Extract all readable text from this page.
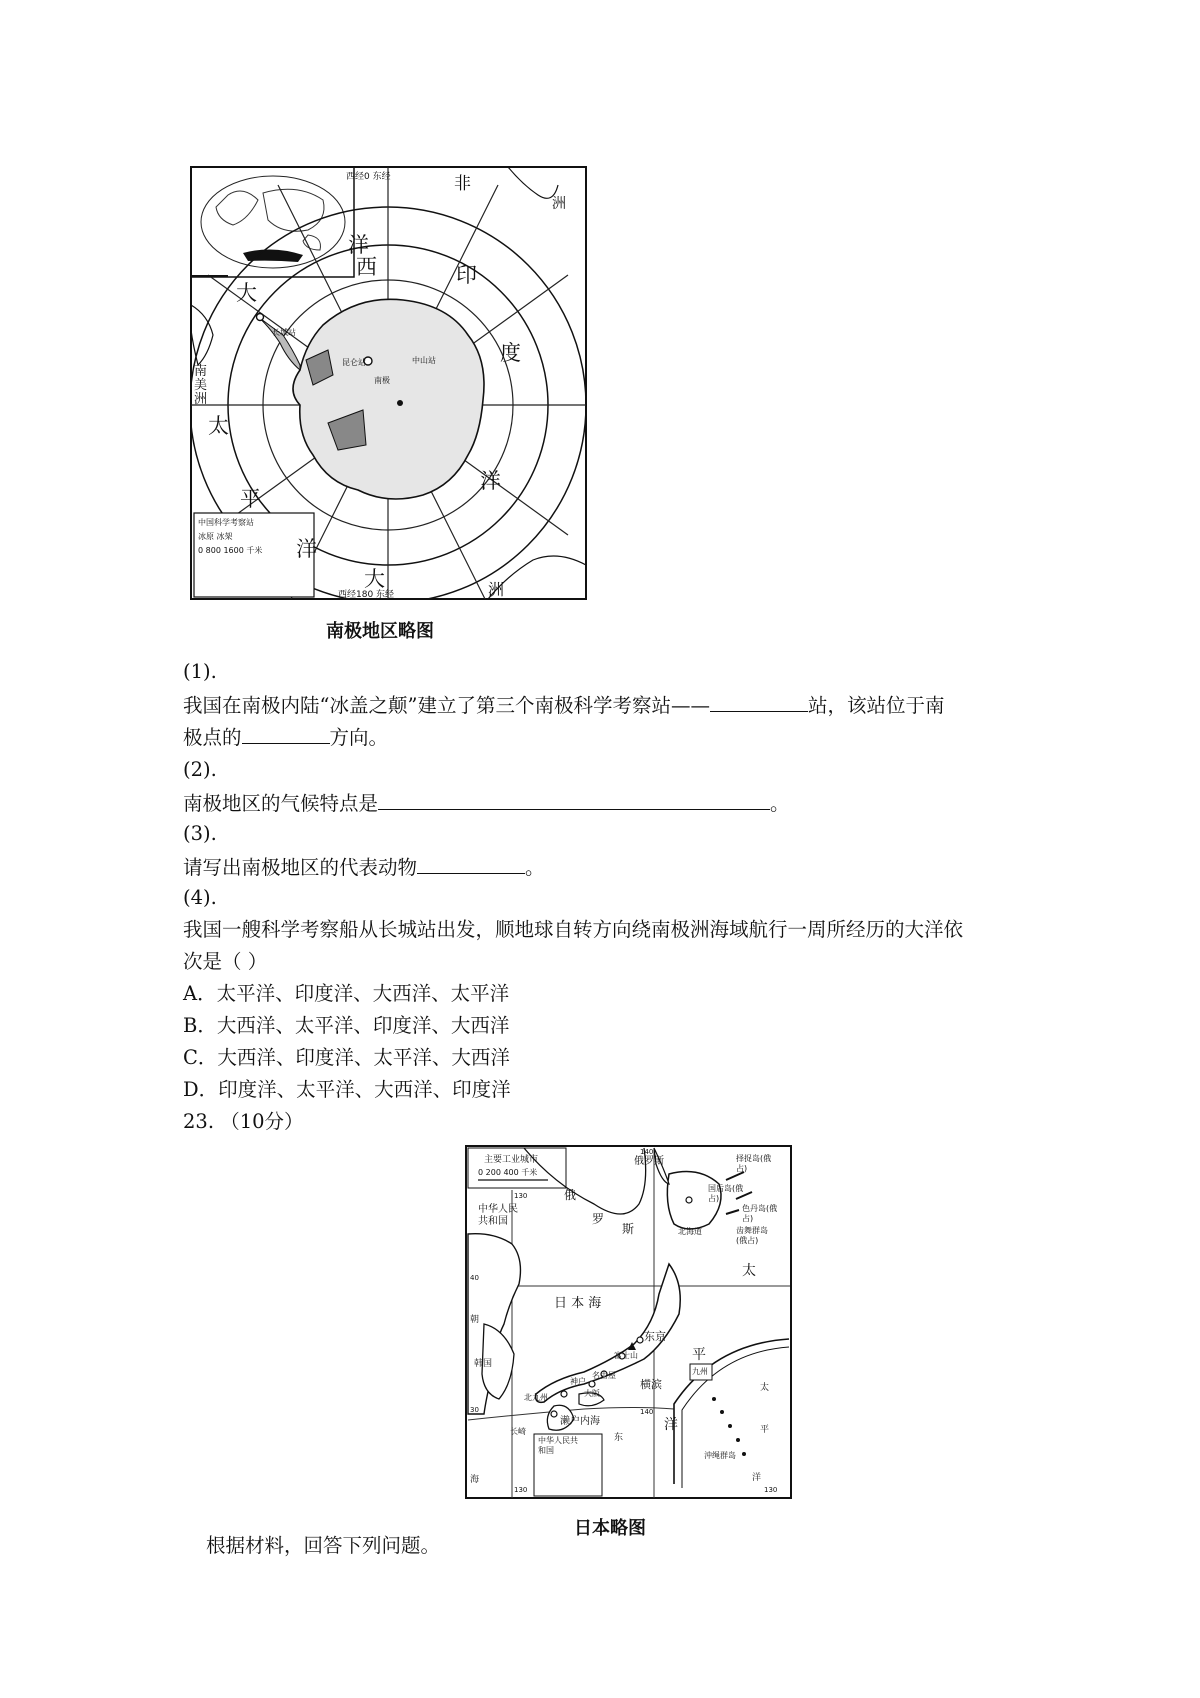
西
洋
大
印
度
洋
太
平
洋
大	洲
非
洲
南美洲
西经0 东经
西经180 东经
长城站
中山站
昆仑站
南极
中国科学考察站
冰原 冰架
0 800 1600 千米
南极地区略图
(1).
我国在南极内陆“冰盖之颠”建立了第三个南极科学考察站——	站，该站位于南
极点的	方向。
(2).
南极地区的气候特点是	。
(3).
请写出南极地区的代表动物	。
(4).
我国一艘科学考察船从长城站出发，顺地球自转方向绕南极洲海域航行一周所经历的大洋依
次是（ ）
A．太平洋、印度洋、大西洋、太平洋
B．大西洋、太平洋、印度洋、大西洋
C．大西洋、印度洋、太平洋、大西洋
D．印度洋、太平洋、大西洋、印度洋
23. （10分）
主要工业城市
0 200 400 千米
中华人民共和国
俄罗斯
俄
罗
日 本 海
斯
太
平
洋
东京
富士山
横滨
大阪
名古屋
神户
北九州
长崎
濑户内海
北海道
韩国
朝
九州
沖绳群岛
择捉岛(俄占)
国后岛(俄占)
色丹岛(俄占)
齿舞群岛(俄占)
中华人民共和国
海
东
太
平
洋
140
130
40
30	140
130	130
日本略图
根据材料，回答下列问题。
